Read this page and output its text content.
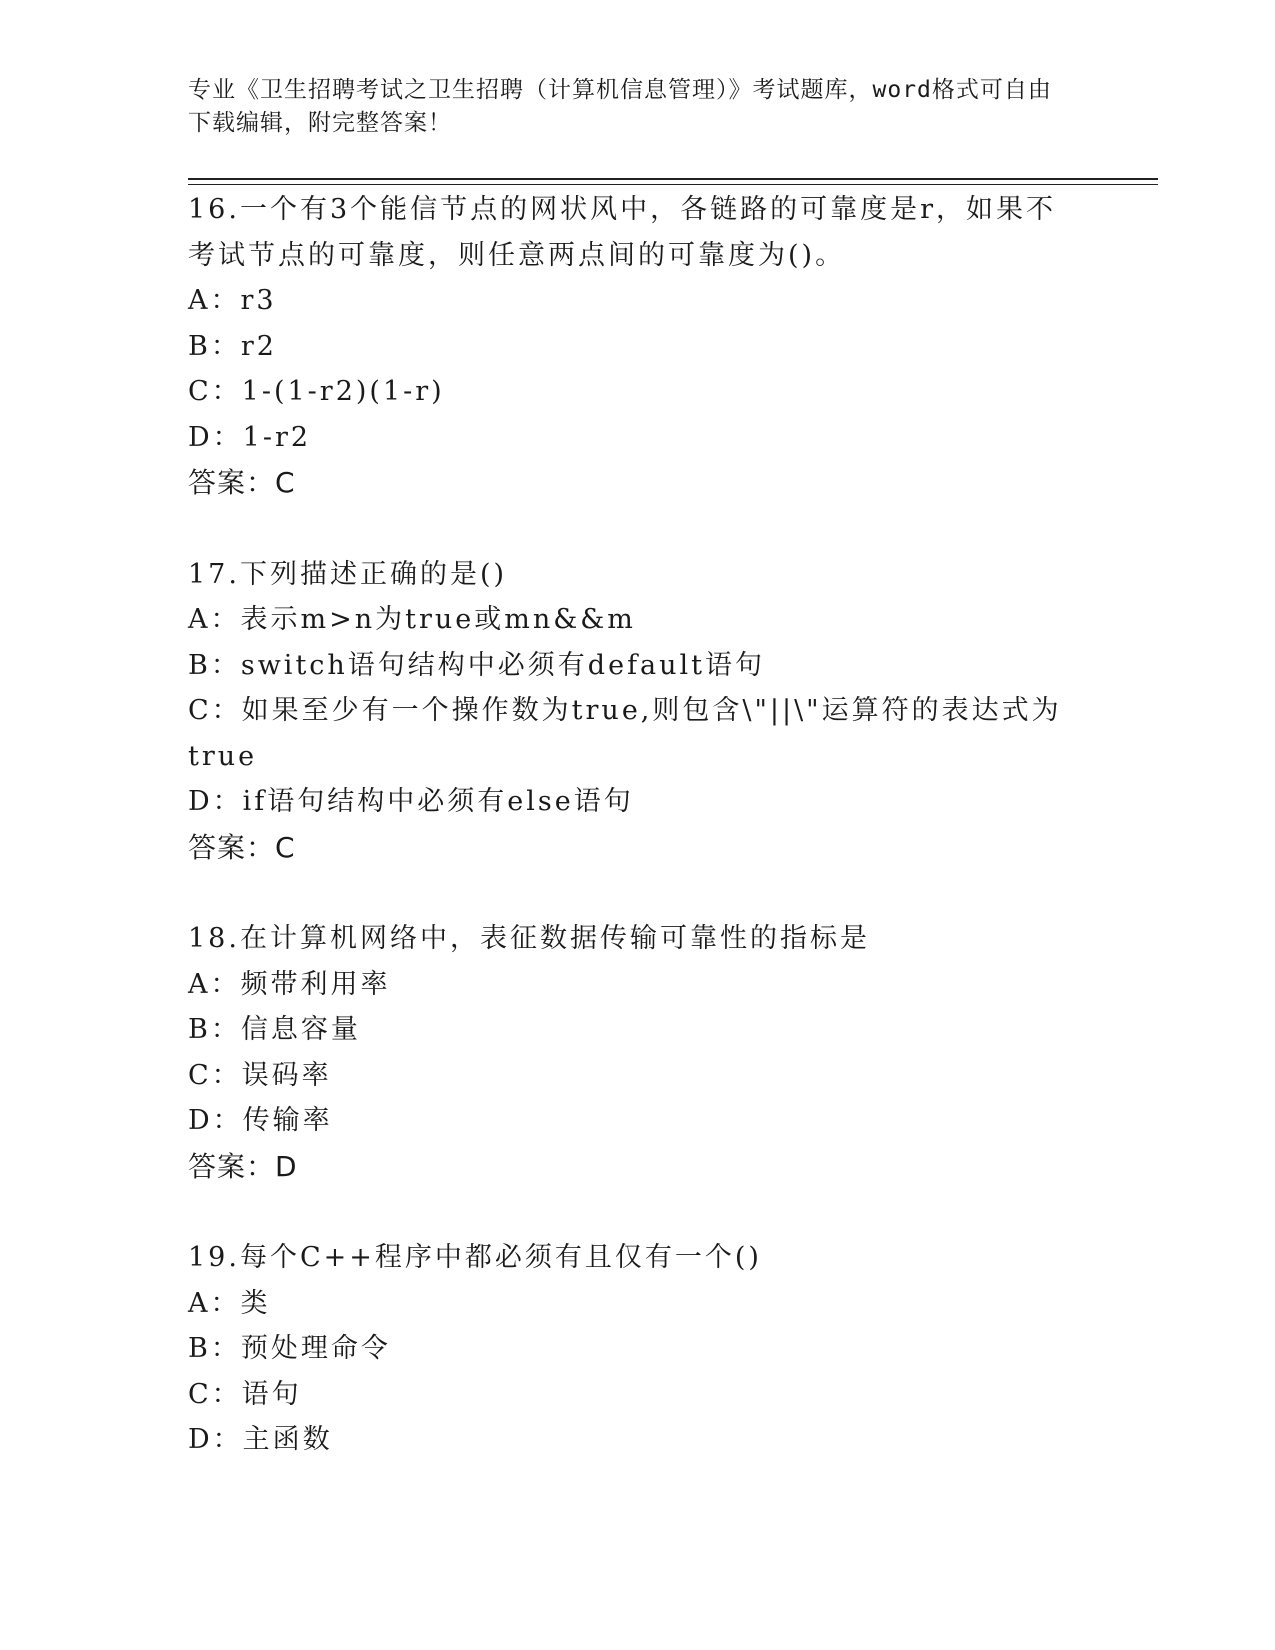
专业《卫生招聘考试之卫生招聘（计算机信息管理）》考试题库，word格式可自由下载编辑，附完整答案！

16.一个有3个能信节点的网状风中，各链路的可靠度是r，如果不考试节点的可靠度，则任意两点间的可靠度为()。

A：r3

B：r2

C：1-(1-r2)(1-r)

D：1-r2

答案：C

17.下列描述正确的是()

A：表示m>n为true或mn&&m

B：switch语句结构中必须有default语句

C：如果至少有一个操作数为true,则包含\"||\"运算符的表达式为true

D：if语句结构中必须有else语句

答案：C

18.在计算机网络中，表征数据传输可靠性的指标是

A：频带利用率

B：信息容量

C：误码率

D：传输率

答案：D

19.每个C++程序中都必须有且仅有一个()

A：类

B：预处理命令

C：语句

D：主函数
